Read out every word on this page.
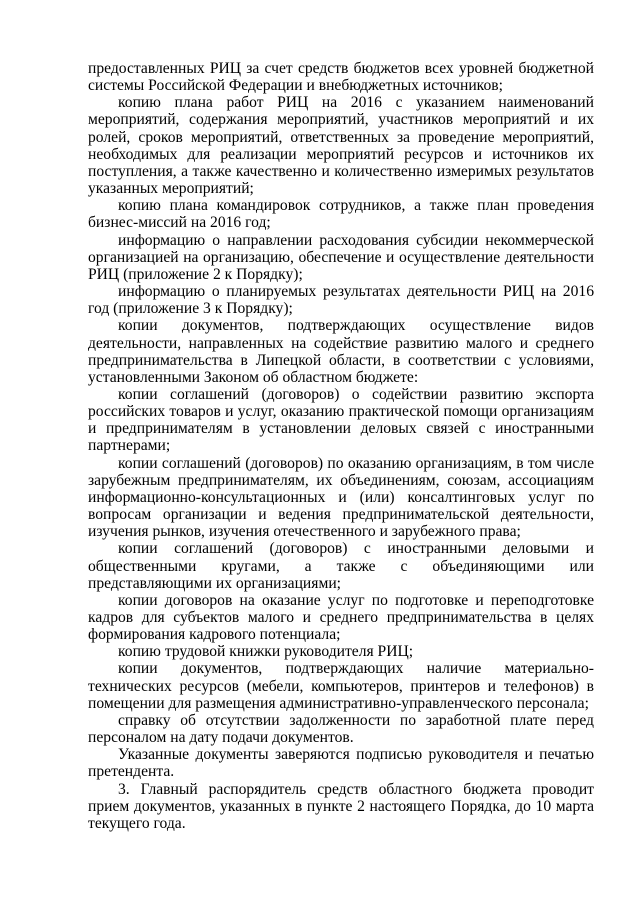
предоставленных РИЦ за счет средств бюджетов всех уровней бюджетной системы Российской Федерации и внебюджетных источников;

копию плана работ РИЦ на 2016 с указанием наименований мероприятий, содержания мероприятий, участников мероприятий и их ролей, сроков мероприятий, ответственных за проведение мероприятий, необходимых для реализации мероприятий ресурсов и источников их поступления, а также качественно и количественно измеримых результатов указанных мероприятий;

копию плана командировок сотрудников, а также план проведения бизнес-миссий на 2016 год;

информацию о направлении расходования субсидии некоммерческой организацией на организацию, обеспечение и осуществление деятельности РИЦ (приложение 2 к Порядку);

информацию о планируемых результатах деятельности РИЦ на 2016 год (приложение 3 к Порядку);

копии документов, подтверждающих осуществление видов деятельности, направленных на содействие развитию малого и среднего предпринимательства в Липецкой области, в соответствии с условиями, установленными Законом об областном бюджете:

копии соглашений (договоров) о содействии развитию экспорта российских товаров и услуг, оказанию практической помощи организациям и предпринимателям в установлении деловых связей с иностранными партнерами;

копии соглашений (договоров) по оказанию организациям, в том числе зарубежным предпринимателям, их объединениям, союзам, ассоциациям информационно-консультационных и (или) консалтинговых услуг по вопросам организации и ведения предпринимательской деятельности, изучения рынков, изучения отечественного и зарубежного права;

копии соглашений (договоров) с иностранными деловыми и общественными кругами, а также с объединяющими или представляющими их организациями;

копии договоров на оказание услуг по подготовке и переподготовке кадров для субъектов малого и среднего предпринимательства в целях формирования кадрового потенциала;

копию трудовой книжки руководителя РИЦ;

копии документов, подтверждающих наличие материально-технических ресурсов (мебели, компьютеров, принтеров и телефонов) в помещении для размещения административно-управленческого персонала;

справку об отсутствии задолженности по заработной плате перед персоналом на дату подачи документов.

Указанные документы заверяются подписью руководителя и печатью претендента.

3. Главный распорядитель средств областного бюджета проводит прием документов, указанных в пункте 2 настоящего Порядка, до 10 марта текущего года.
